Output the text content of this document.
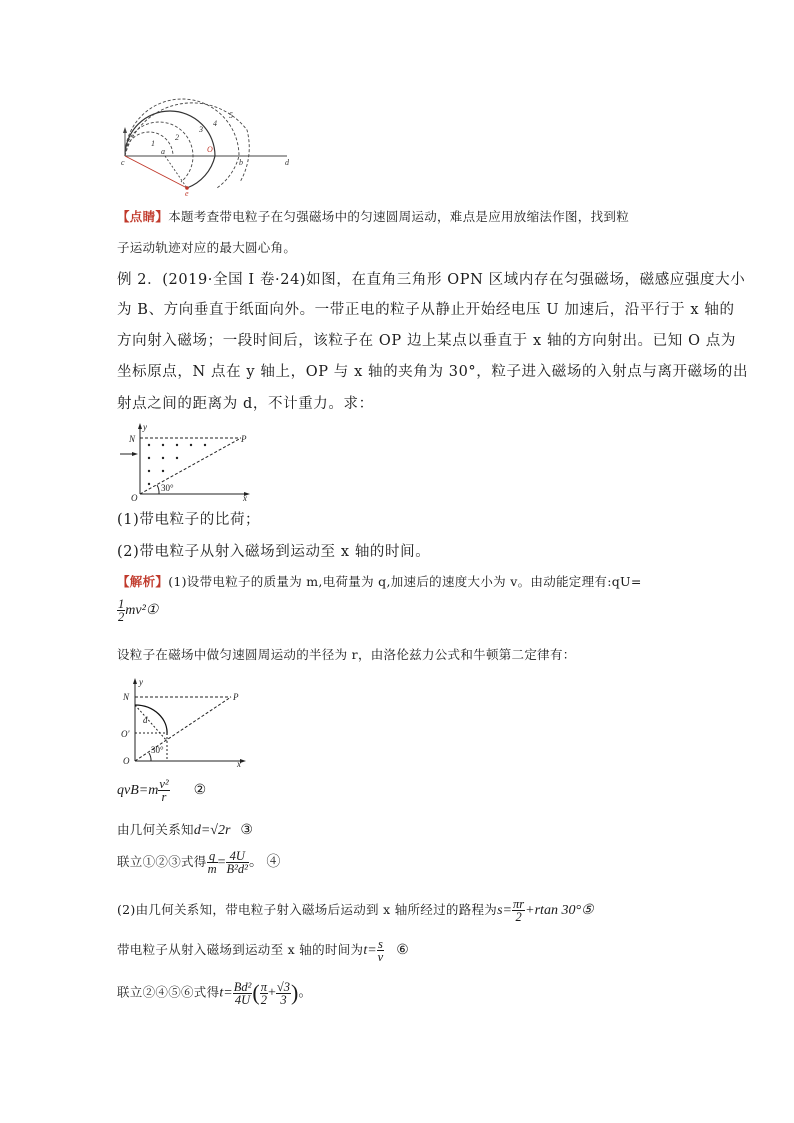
1
2
3
4
5
a	O
c	b	d
e
【点睛】本题考查带电粒子在匀强磁场中的匀速圆周运动，难点是应用放缩法作图，找到粒
子运动轨迹对应的最大圆心角。
例 2．(2019·全国 I 卷·24)如图，在直角三角形 OPN 区域内存在匀强磁场，磁感应强度大小
为 B、方向垂直于纸面向外。一带正电的粒子从静止开始经电压 U 加速后，沿平行于 x 轴的
方向射入磁场；一段时间后，该粒子在 OP 边上某点以垂直于 x 轴的方向射出。已知 O 点为
坐标原点，N 点在 y 轴上，OP 与 x 轴的夹角为 30°，粒子进入磁场的入射点与离开磁场的出
射点之间的距离为 d，不计重力。求：
y
N	P
O	x
30°
(1)带电粒子的比荷；
(2)带电粒子从射入磁场到运动至 x 轴的时间。
【解析】(1)设带电粒子的质量为 m,电荷量为 q,加速后的速度大小为 v。由动能定理有:qU=
$\frac{1}{2}$ mv²①
设粒子在磁场中做匀速圆周运动的半径为 r，由洛伦兹力公式和牛顿第二定律有：
y
N	P
d
O'
O
30°
x
$qvB=m \frac{\text{v²}}{r}$ ②
由几何关系知d=√2r ③
联立①②③式得 $\frac{q}{m} = \frac{4U}{\text{B²d²}}$ 。 ④
(2)由几何关系知，带电粒子射入磁场后运动到 x 轴所经过的路程为$s= \frac{\pi r}{2} +rtan$ 30°⑤
带电粒子从射入磁场到运动至 x 轴的时间为$t= \frac{s}{v}$ ⑥
联立②④⑤⑥式得$t= \frac{\text{Bd²}}{4U}$ ( $\frac{\pi}{2} + \frac{√3}{3}$ )。
